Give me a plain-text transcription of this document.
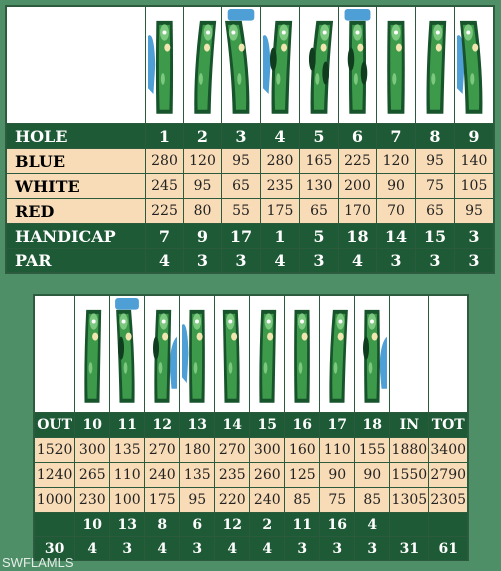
HOLE	1	2	3	4	5	6	7	8	9
BLUE	280	120	95	280	165	225	120	95	140
WHITE	245	95	65	235	130	200	90	75	105
RED	225	80	55	175	65	170	70	65	95
HANDICAP	7	9	17	1	5	18	14	15	3
PAR	4	3	3	4	3	4	3	3	3

OUT	10	11	12	13	14	15	16	17	18	IN	TOT
1520	300	135	270	180	270	300	160	110	155	1880	3400
1240	265	110	240	135	235	260	125	90	90	1550	2790
1000	230	100	175	95	220	240	85	75	85	1305	2305
	10	13	8	6	12	2	11	16	4		
30	4	3	4	3	4	4	3	3	3	31	61
SWFLAMLS
